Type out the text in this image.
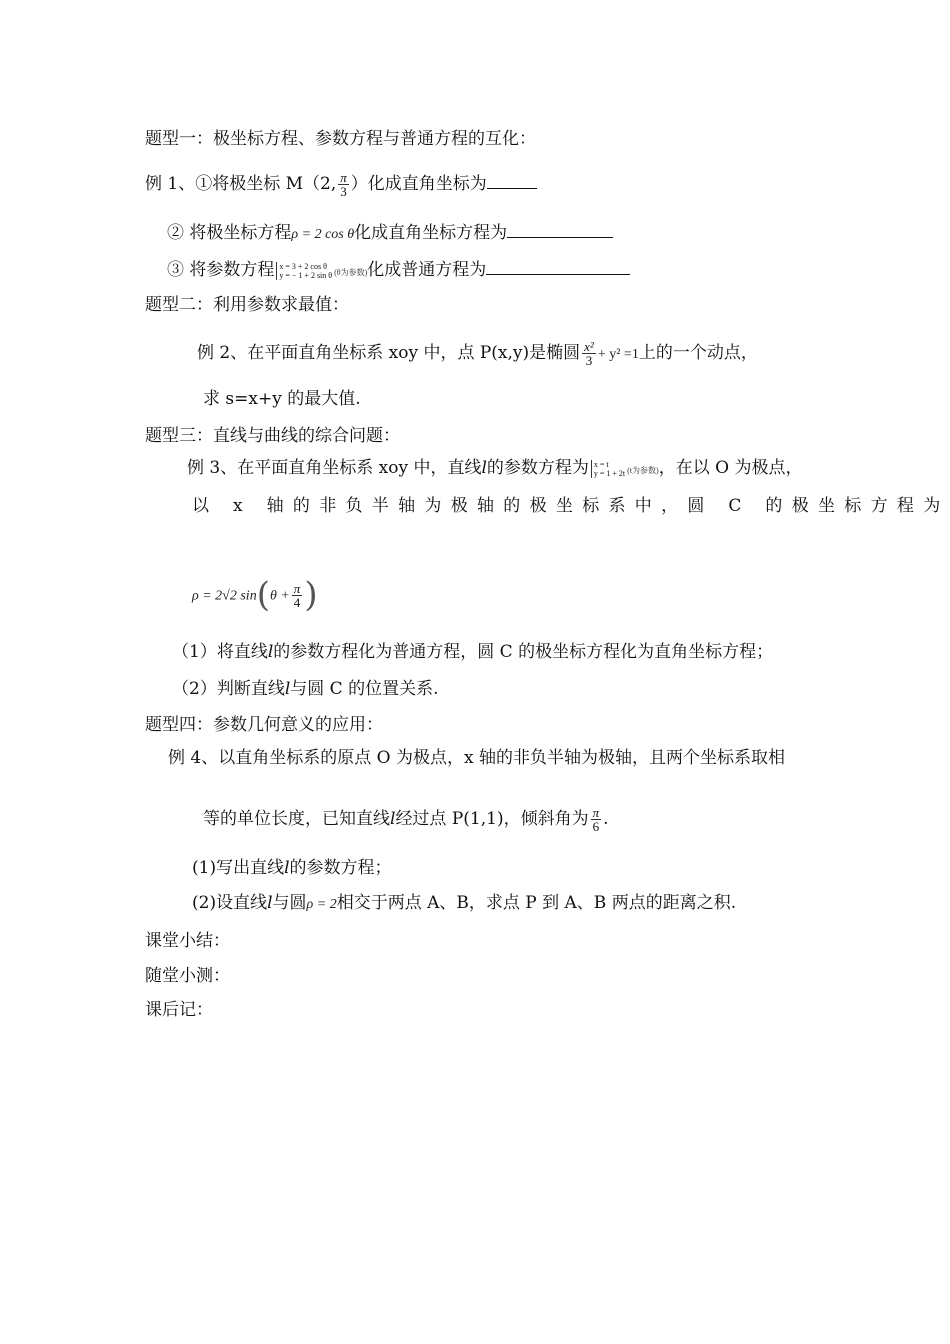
题型一：极坐标方程、参数方程与普通方程的互化：
例 1、①将极坐标 M（2, $\frac{\pi}{3}$ ）化成直角坐标为
② 将极坐标方程ρ = 2 cos θ化成直角坐标方程为
③ 将参数方程 x = 3 + 2 cos θ
y = − 1 + 2 sin θ (θ为参数)化成普通方程为
题型二：利用参数求最值：
例 2、在平面直角坐标系 xoy 中，点 P(x,y)是椭圆 $\frac{\text{x²}}{3} + y^2 =1$上的一个动点，
求 s=x+y 的最大值.
题型三：直线与曲线的综合问题：
例 3、在平面直角坐标系 xoy 中，直线l的参数方程为 x = t
y = 1 + 2t (t为参数)，在以 O 为极点，
以 x 轴的非负半轴为极轴的极坐标系中，圆 C 的极坐标方程为
ρ = 2√2 $\sin(\theta + \frac{\pi}{4}$ )
（1）将直线l的参数方程化为普通方程，圆 C 的极坐标方程化为直角坐标方程；
（2）判断直线l与圆 C 的位置关系.
题型四：参数几何意义的应用：
例 4、以直角坐标系的原点 O 为极点，x 轴的非负半轴为极轴，且两个坐标系取相
等的单位长度，已知直线l经过点 P(1,1)，倾斜角为 $\frac{\pi}{6}$ .
(1)写出直线l的参数方程；
(2)设直线l与圆ρ = 2相交于两点 A、B，求点 P 到 A、B 两点的距离之积.
课堂小结：
随堂小测：
课后记：
